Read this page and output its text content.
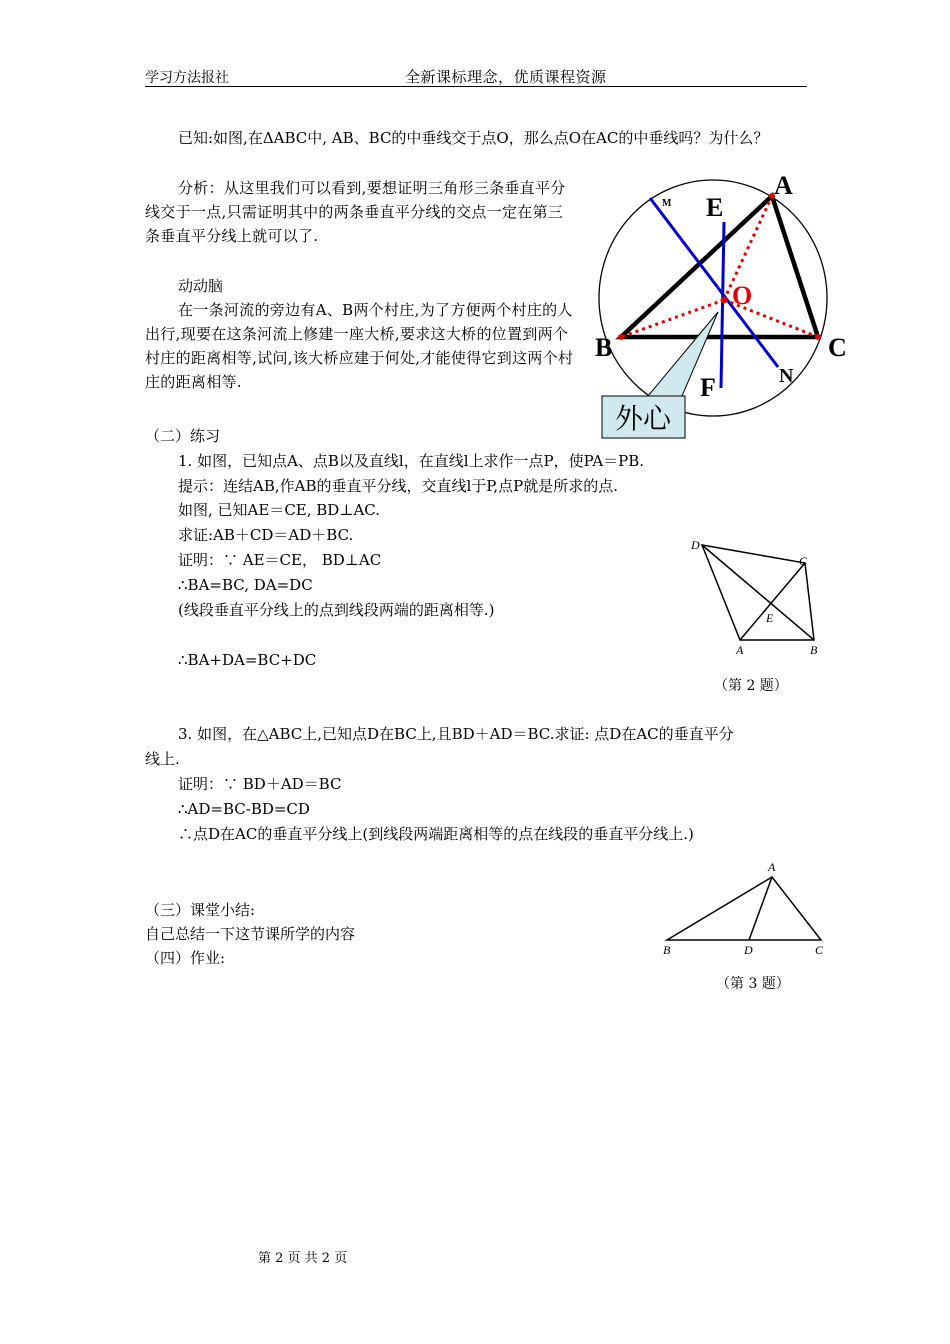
学习方法报社	全新课标理念，优质课程资源
已知:如图,在ΔABC中, AB、BC的中垂线交于点O，那么点O在AC的中垂线吗？为什么？
分析：从这里我们可以看到,要想证明三角形三条垂直平分线交于一点,只需证明其中的两条垂直平分线的交点一定在第三条垂直平分线上就可以了.
动动脑
在一条河流的旁边有A、B两个村庄,为了方便两个村庄的人出行,现要在这条河流上修建一座大桥,要求这大桥的位置到两个村庄的距离相等,试问,该大桥应建于何处,才能使得它到这两个村庄的距离相等.
外心
A
B	C
E
F
M
N
O
（二）练习
1. 如图，已知点A、点B以及直线l，在直线l上求作一点P，使PA＝PB.
提示：连结AB,作AB的垂直平分线，交直线l于P,点P就是所求的点.
如图, 已知AE＝CE, BD⊥AC.
求证:AB＋CD＝AD＋BC.
证明：∵ AE＝CE， BD⊥AC
∴BA=BC, DA=DC
(线段垂直平分线上的点到线段两端的距离相等.)
∴BA+DA=BC+DC
D
C
E
A	B
（第 2 题）
3. 如图，在△ABC上,已知点D在BC上,且BD＋AD＝BC.求证: 点D在AC的垂直平分
线上.
证明：∵ BD＋AD＝BC
∴AD=BC-BD=CD
∴点D在AC的垂直平分线上(到线段两端距离相等的点在线段的垂直平分线上.)
A
B	D	C
（第 3 题）
（三）课堂小结:
自己总结一下这节课所学的内容
（四）作业:
第 2 页 共 2 页
